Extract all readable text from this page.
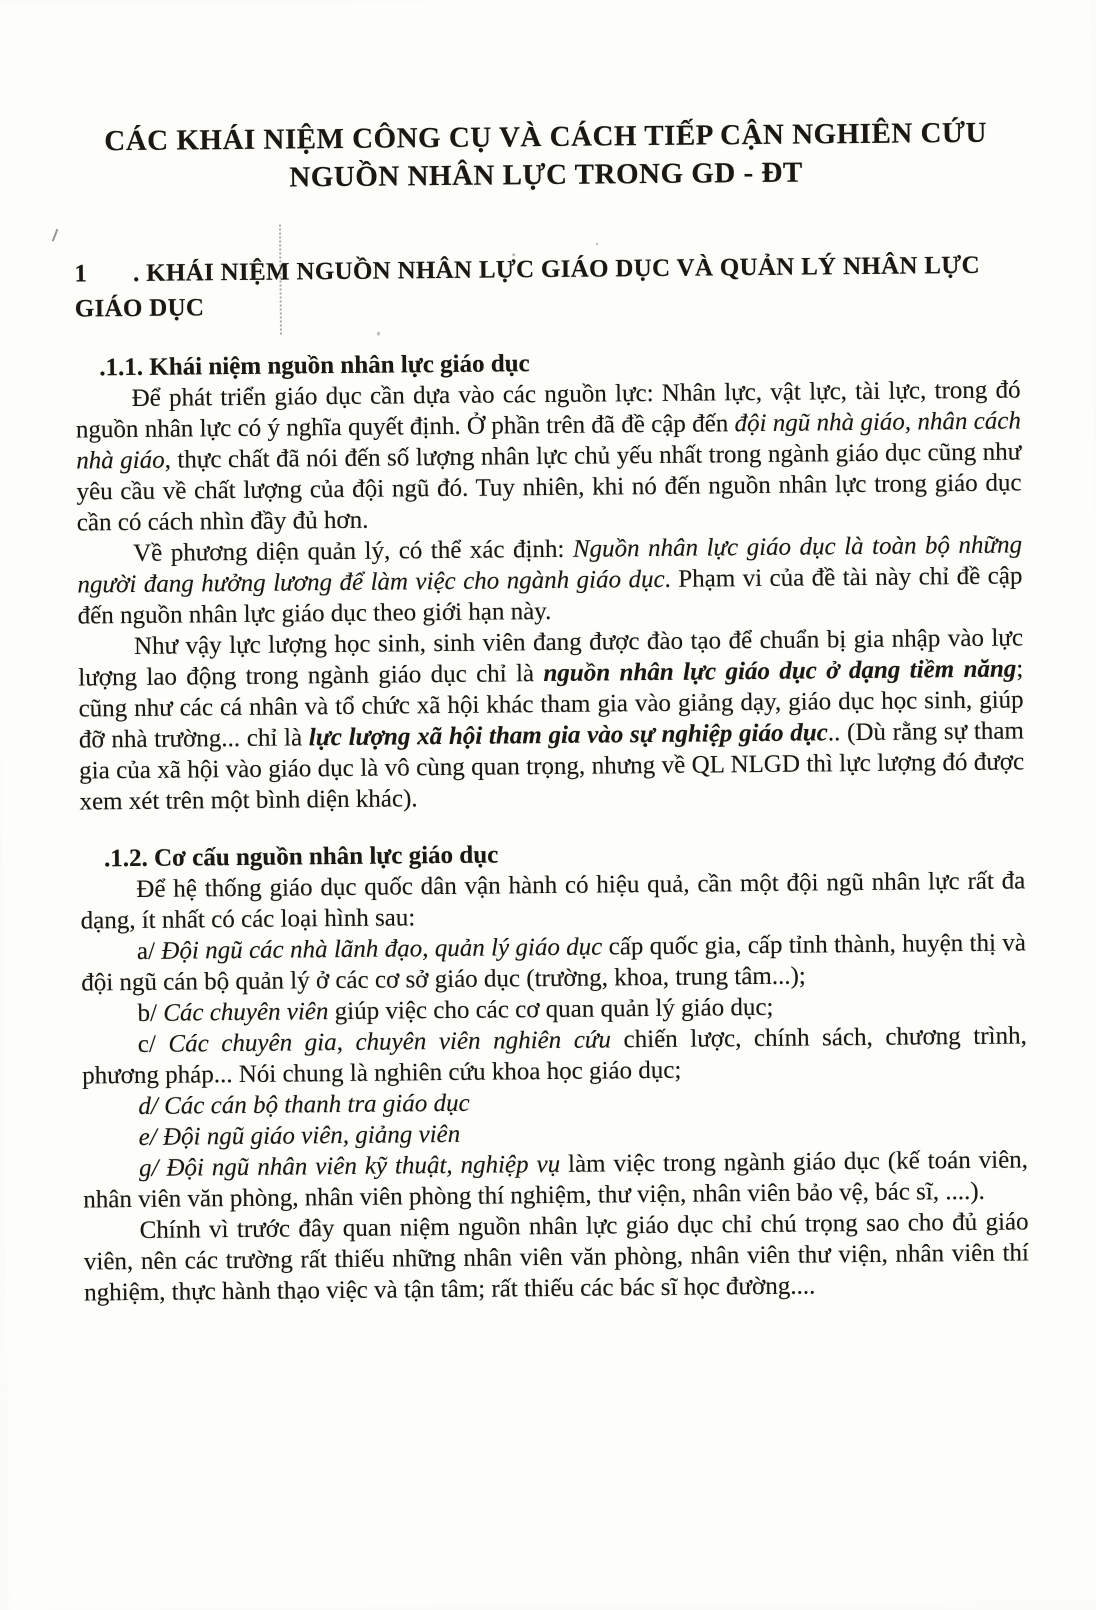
CÁC KHÁI NIỆM CÔNG CỤ VÀ CÁCH TIẾP CẬN NGHIÊN CỨU
NGUỒN NHÂN LỰC TRONG GD - ĐT
1       . KHÁI NIỆM NGUỒN NHÂN LỰC GIÁO DỤC VÀ QUẢN LÝ NHÂN LỰC GIÁO DỤC
.1.1. Khái niệm nguồn nhân lực giáo dục
Để phát triển giáo dục cần dựa vào các nguồn lực: Nhân lực, vật lực, tài lực, trong đó nguồn nhân lực có ý nghĩa quyết định. Ở phần trên đã đề cập đến đội ngũ nhà giáo, nhân cách nhà giáo, thực chất đã nói đến số lượng nhân lực chủ yếu nhất trong ngành giáo dục cũng như yêu cầu về chất lượng của đội ngũ đó. Tuy nhiên, khi nó đến nguồn nhân lực trong giáo dục cần có cách nhìn đầy đủ hơn.
Về phương diện quản lý, có thể xác định: Nguồn nhân lực giáo dục là toàn bộ những người đang hưởng lương để làm việc cho ngành giáo dục. Phạm vi của đề tài này chỉ đề cập đến nguồn nhân lực giáo dục theo giới hạn này.
Như vậy lực lượng học sinh, sinh viên đang được đào tạo để chuẩn bị gia nhập vào lực lượng lao động trong ngành giáo dục chỉ là nguồn nhân lực giáo dục ở dạng tiềm năng; cũng như các cá nhân và tổ chức xã hội khác tham gia vào giảng dạy, giáo dục học sinh, giúp đỡ nhà trường... chỉ là lực lượng xã hội tham gia vào sự nghiệp giáo dục.. (Dù rằng sự tham gia của xã hội vào giáo dục là vô cùng quan trọng, nhưng về QL NLGD thì lực lượng đó được xem xét trên một bình diện khác).
.1.2. Cơ cấu nguồn nhân lực giáo dục
Để hệ thống giáo dục quốc dân vận hành có hiệu quả, cần một đội ngũ nhân lực rất đa dạng, ít nhất có các loại hình sau:
a/ Đội ngũ các nhà lãnh đạo, quản lý giáo dục cấp quốc gia, cấp tỉnh thành, huyện thị và đội ngũ cán bộ quản lý ở các cơ sở giáo dục (trường, khoa, trung tâm...);
b/ Các chuyên viên giúp việc cho các cơ quan quản lý giáo dục;
c/ Các chuyên gia, chuyên viên nghiên cứu chiến lược, chính sách, chương trình, phương pháp... Nói chung là nghiên cứu khoa học giáo dục;
d/ Các cán bộ thanh tra giáo dục
e/ Đội ngũ giáo viên, giảng viên
g/ Đội ngũ nhân viên kỹ thuật, nghiệp vụ làm việc trong ngành giáo dục (kế toán viên, nhân viên văn phòng, nhân viên phòng thí nghiệm, thư viện, nhân viên bảo vệ, bác sĩ, ....).
Chính vì trước đây quan niệm nguồn nhân lực giáo dục chỉ chú trọng sao cho đủ giáo viên, nên các trường rất thiếu những nhân viên văn phòng, nhân viên thư viện, nhân viên thí nghiệm, thực hành thạo việc và tận tâm; rất thiếu các bác sĩ học đường....
